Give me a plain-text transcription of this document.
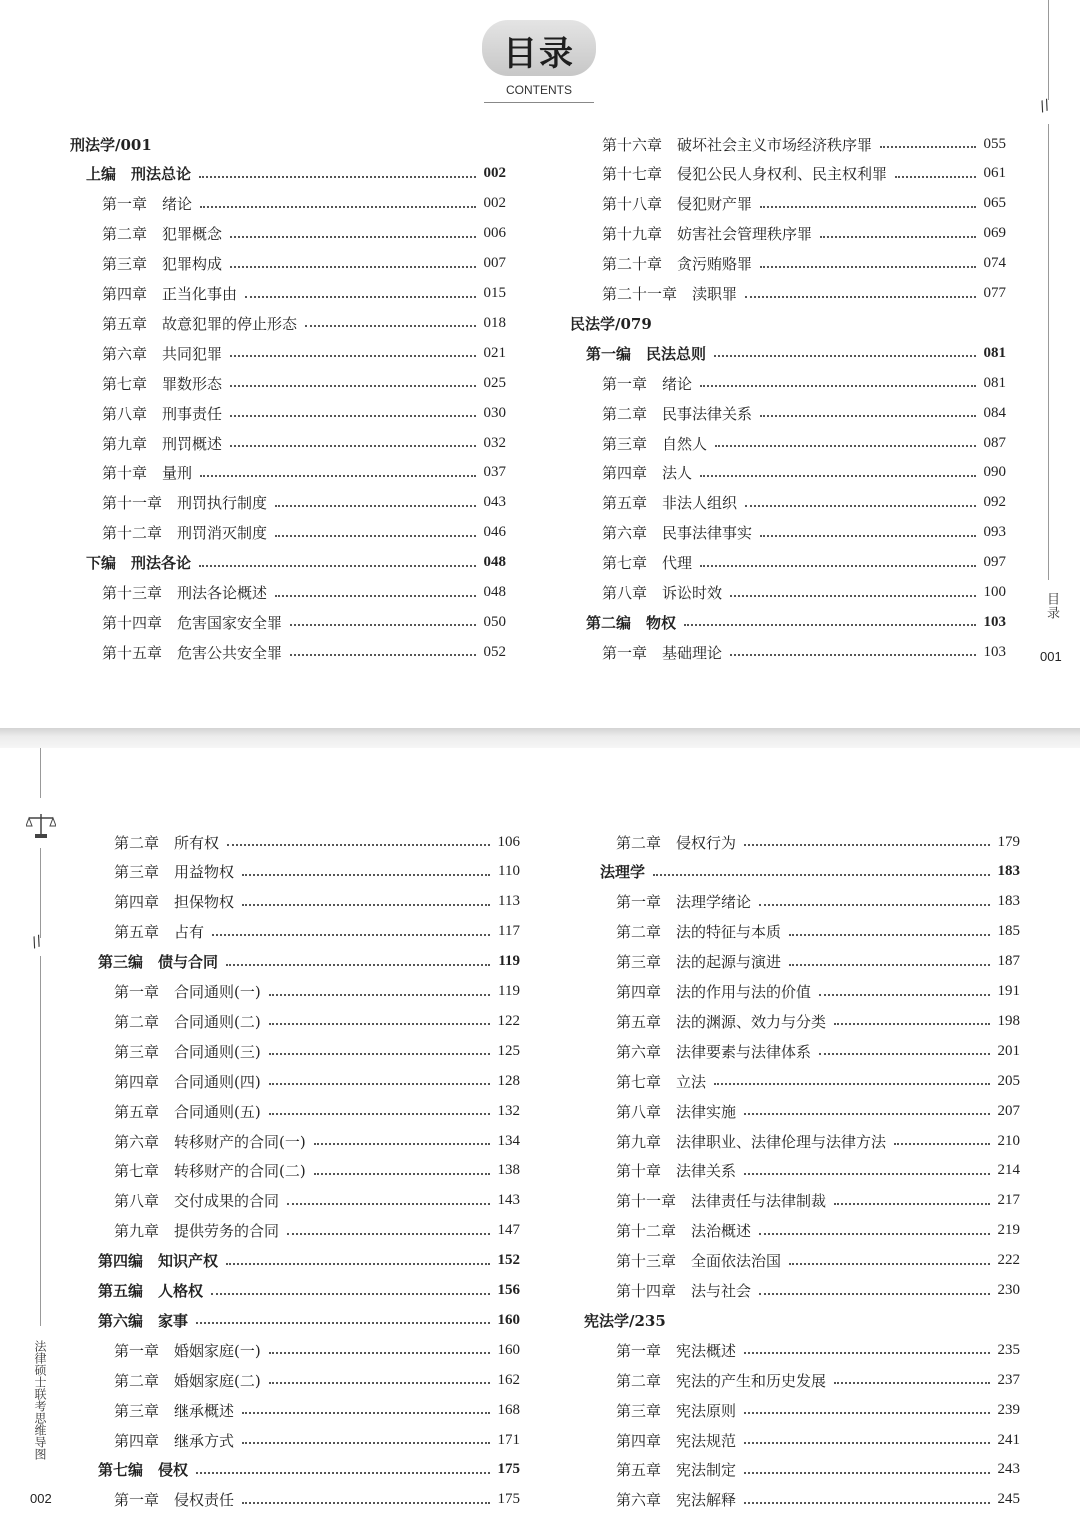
目录
CONTENTS
刑法学/001
上编　刑法总论	002
第一章　绪论	002
第二章　犯罪概念	006
第三章　犯罪构成	007
第四章　正当化事由	015
第五章　故意犯罪的停止形态	018
第六章　共同犯罪	021
第七章　罪数形态	025
第八章　刑事责任	030
第九章　刑罚概述	032
第十章　量刑	037
第十一章　刑罚执行制度	043
第十二章　刑罚消灭制度	046
下编　刑法各论	048
第十三章　刑法各论概述	048
第十四章　危害国家安全罪	050
第十五章　危害公共安全罪	052
第十六章　破坏社会主义市场经济秩序罪	055
第十七章　侵犯公民人身权利、民主权利罪	061
第十八章　侵犯财产罪	065
第十九章　妨害社会管理秩序罪	069
第二十章　贪污贿赂罪	074
第二十一章　渎职罪	077
民法学/079
第一编　民法总则	081
第一章　绪论	081
第二章　民事法律关系	084
第三章　自然人	087
第四章　法人	090
第五章　非法人组织	092
第六章　民事法律事实	093
第七章　代理	097
第八章　诉讼时效	100
第二编　物权	103
第一章　基础理论	103
//
目录
001
第二章　所有权	106
第三章　用益物权	110
第四章　担保物权	113
第五章　占有	117
第三编　债与合同	119
第一章　合同通则(一)	119
第二章　合同通则(二)	122
第三章　合同通则(三)	125
第四章　合同通则(四)	128
第五章　合同通则(五)	132
第六章　转移财产的合同(一)	134
第七章　转移财产的合同(二)	138
第八章　交付成果的合同	143
第九章　提供劳务的合同	147
第四编　知识产权	152
第五编　人格权	156
第六编　家事	160
第一章　婚姻家庭(一)	160
第二章　婚姻家庭(二)	162
第三章　继承概述	168
第四章　继承方式	171
第七编　侵权	175
第一章　侵权责任	175
第二章　侵权行为	179
法理学	183
第一章　法理学绪论	183
第二章　法的特征与本质	185
第三章　法的起源与演进	187
第四章　法的作用与法的价值	191
第五章　法的渊源、效力与分类	198
第六章　法律要素与法律体系	201
第七章　立法	205
第八章　法律实施	207
第九章　法律职业、法律伦理与法律方法	210
第十章　法律关系	214
第十一章　法律责任与法律制裁	217
第十二章　法治概述	219
第十三章　全面依法治国	222
第十四章　法与社会	230
宪法学/235
第一章　宪法概述	235
第二章　宪法的产生和历史发展	237
第三章　宪法原则	239
第四章　宪法规范	241
第五章　宪法制定	243
第六章　宪法解释	245
//
法律硕士联考思维导图
002
